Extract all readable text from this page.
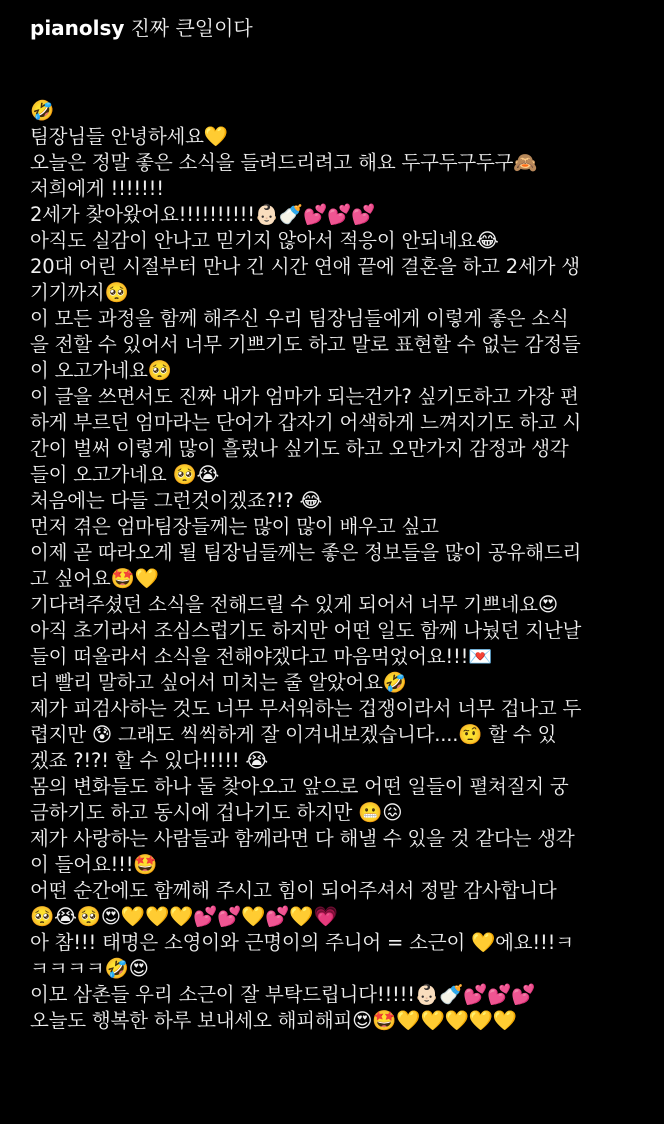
pianolsy 진짜 큰일이다
🤣
팀장님들 안녕하세요💛
오늘은 정말 좋은 소식을 들려드리려고 해요 두구두구두구🙈
저희에게 !!!!!!!
2세가 찾아왔어요!!!!!!!!!!👶🏻🍼💕💕💕
아직도 실감이 안나고 믿기지 않아서 적응이 안되네요😂
20대 어린 시절부터 만나 긴 시간 연애 끝에 결혼을 하고 2세가 생
기기까지🥺
이 모든 과정을 함께 해주신 우리 팀장님들에게 이렇게 좋은 소식
을 전할 수 있어서 너무 기쁘기도 하고 말로 표현할 수 없는 감정들
이 오고가네요🥺
이 글을 쓰면서도 진짜 내가 엄마가 되는건가? 싶기도하고 가장 편
하게 부르던 엄마라는 단어가 갑자기 어색하게 느껴지기도 하고 시
간이 벌써 이렇게 많이 흘렀나 싶기도 하고 오만가지 감정과 생각
들이 오고가네요 🥺😭
처음에는 다들 그런것이겠죠?!? 😂
먼저 겪은 엄마팀장들께는 많이 많이 배우고 싶고
이제 곧 따라오게 될 팀장님들께는 좋은 정보들을 많이 공유해드리
고 싶어요🤩💛
기다려주셨던 소식을 전해드릴 수 있게 되어서 너무 기쁘네요😍
아직 초기라서 조심스럽기도 하지만 어떤 일도 함께 나눴던 지난날
들이 떠올라서 소식을 전해야겠다고 마음먹었어요!!!💌
더 빨리 말하고 싶어서 미치는 줄 알았어요🤣
제가 피검사하는 것도 너무 무서워하는 겁쟁이라서 너무 겁나고 두
렵지만 😰 그래도 씩씩하게 잘 이겨내보겠습니다....🤨 할 수 있
겠죠 ?!?! 할 수 있다!!!!! 😭
몸의 변화들도 하나 둘 찾아오고 앞으로 어떤 일들이 펼쳐질지 궁
금하기도 하고 동시에 겁나기도 하지만 😬😖
제가 사랑하는 사람들과 함께라면 다 해낼 수 있을 것 같다는 생각
이 들어요!!!🤩
어떤 순간에도 함께해 주시고 힘이 되어주셔서 정말 감사합니다
🥺😭🥺😍💛💛💛💕💕💛💕💛💗
아 참!!! 태명은 소영이와 근명이의 주니어 = 소근이 💛에요!!!ㅋ
ㅋㅋㅋㅋ🤣😍
이모 삼촌들 우리 소근이 잘 부탁드립니다!!!!!👶🏻🍼💕💕💕
오늘도 행복한 하루 보내세오 해피해피😍🤩💛💛💛💛💛
